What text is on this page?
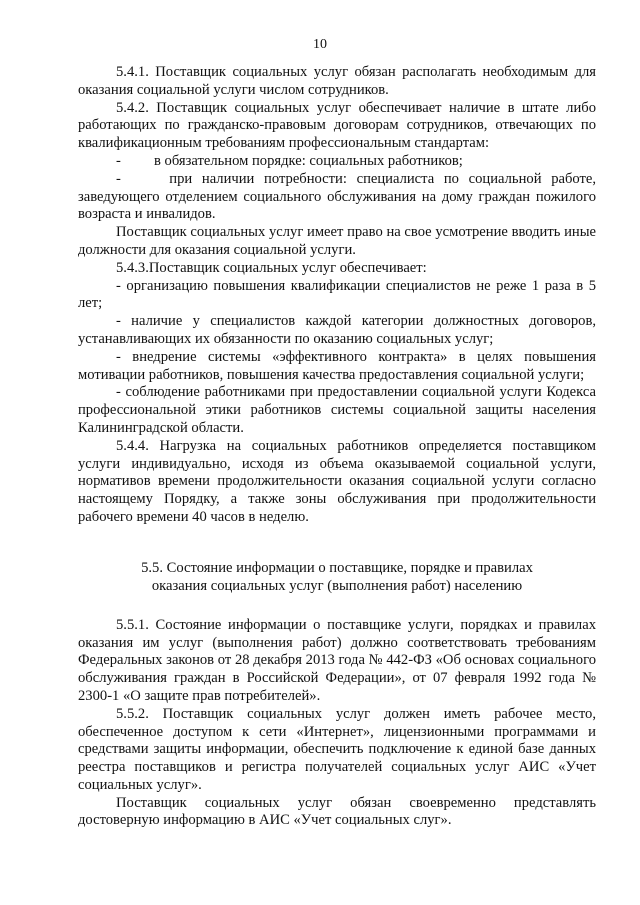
10

5.4.1. Поставщик социальных услуг обязан располагать необходимым для оказания социальной услуги числом сотрудников.

5.4.2. Поставщик социальных услуг обеспечивает наличие в штате либо работающих по гражданско-правовым договорам сотрудников, отвечающих по квалификационным требованиям профессиональным стандартам:

-	в обязательном порядке: социальных работников;

-	при наличии потребности: специалиста по социальной работе, заведующего отделением социального обслуживания на дому граждан пожилого возраста и инвалидов.

Поставщик социальных услуг имеет право на свое усмотрение вводить иные должности для оказания социальной услуги.

5.4.3.Поставщик социальных услуг обеспечивает:

- организацию повышения квалификации специалистов не реже 1 раза в 5 лет;

- наличие у специалистов каждой категории должностных договоров, устанавливающих их обязанности по оказанию социальных услуг;

- внедрение системы «эффективного контракта» в целях повышения мотивации работников, повышения качества предоставления социальной услуги;

- соблюдение работниками при предоставлении социальной услуги Кодекса профессиональной этики работников системы социальной защиты населения Калининградской области.

5.4.4. Нагрузка на социальных работников определяется поставщиком услуги индивидуально, исходя из объема оказываемой социальной услуги, нормативов времени продолжительности оказания социальной услуги согласно настоящему Порядку, а также зоны обслуживания при продолжительности рабочего времени 40 часов в неделю.

5.5. Состояние информации о поставщике, порядке и правилах
оказания социальных услуг (выполнения работ) населению

5.5.1. Состояние информации о поставщике услуги, порядках и правилах оказания им услуг (выполнения работ) должно соответствовать требованиям Федеральных законов от 28 декабря 2013 года № 442-ФЗ «Об основах социального обслуживания граждан в Российской Федерации», от 07 февраля 1992 года № 2300-1 «О защите прав потребителей».

5.5.2. Поставщик социальных услуг должен иметь рабочее место, обеспеченное доступом к сети «Интернет», лицензионными программами и средствами защиты информации, обеспечить подключение к единой базе данных реестра поставщиков и регистра получателей социальных услуг АИС «Учет социальных услуг».

Поставщик социальных услуг обязан своевременно представлять достоверную информацию в АИС «Учет социальных слуг».
